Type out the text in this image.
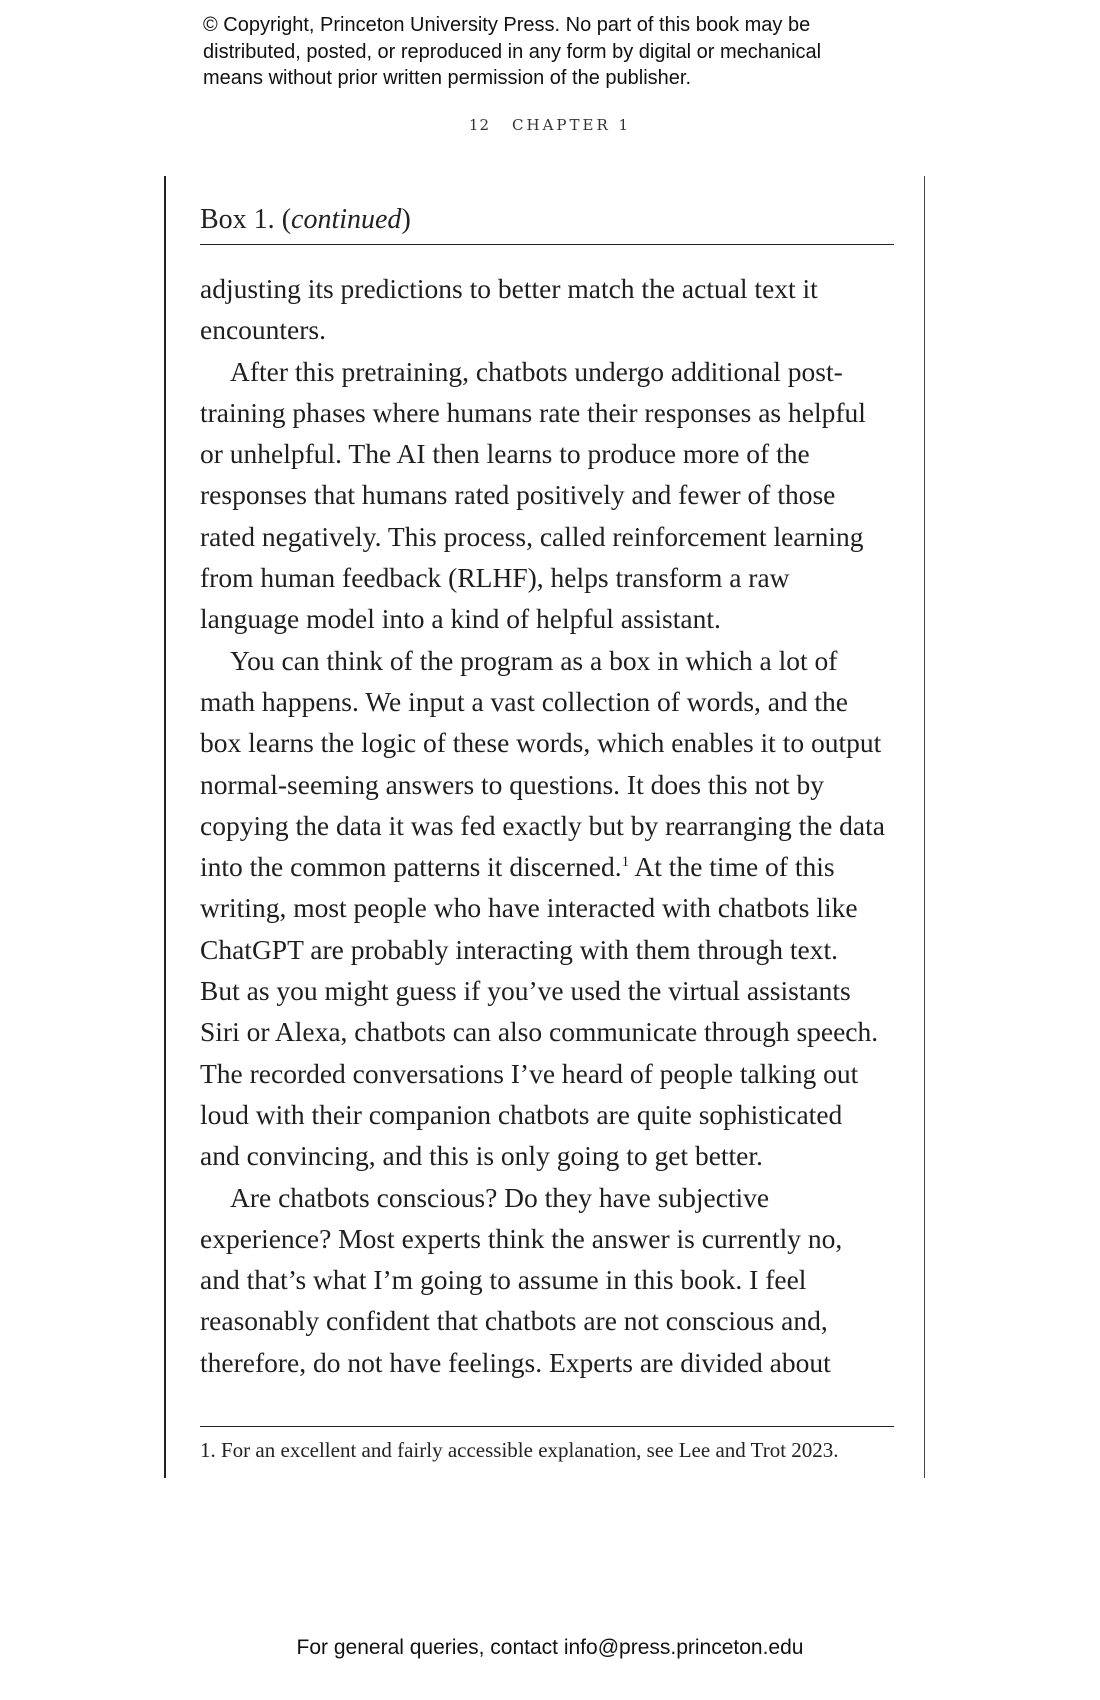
© Copyright, Princeton University Press. No part of this book may be
distributed, posted, or reproduced in any form by digital or mechanical
means without prior written permission of the publisher.
12 CHAPTER 1
Box 1. (continued)
adjusting its predictions to better match the actual text it
encounters.
After this pretraining, chatbots undergo additional post-
training phases where humans rate their responses as helpful
or unhelpful. The AI then learns to produce more of the
responses that humans rated positively and fewer of those
rated negatively. This process, called reinforcement learning
from human feedback (RLHF), helps transform a raw
language model into a kind of helpful assistant.
You can think of the program as a box in which a lot of
math happens. We input a vast collection of words, and the
box learns the logic of these words, which enables it to output
normal-seeming answers to questions. It does this not by
copying the data it was fed exactly but by rearranging the data
into the common patterns it discerned.$^1$ At the time of this
writing, most people who have interacted with chatbots like
ChatGPT are probably interacting with them through text.
But as you might guess if you’ve used the virtual assistants
Siri or Alexa, chatbots can also communicate through speech.
The recorded conversations I’ve heard of people talking out
loud with their companion chatbots are quite sophisticated
and convincing, and this is only going to get better.
Are chatbots conscious? Do they have subjective
experience? Most experts think the answer is currently no,
and that’s what I’m going to assume in this book. I feel
reasonably confident that chatbots are not conscious and,
therefore, do not have feelings. Experts are divided about
1. For an excellent and fairly accessible explanation, see Lee and Trot 2023.
For general queries, contact info@press.princeton.edu
